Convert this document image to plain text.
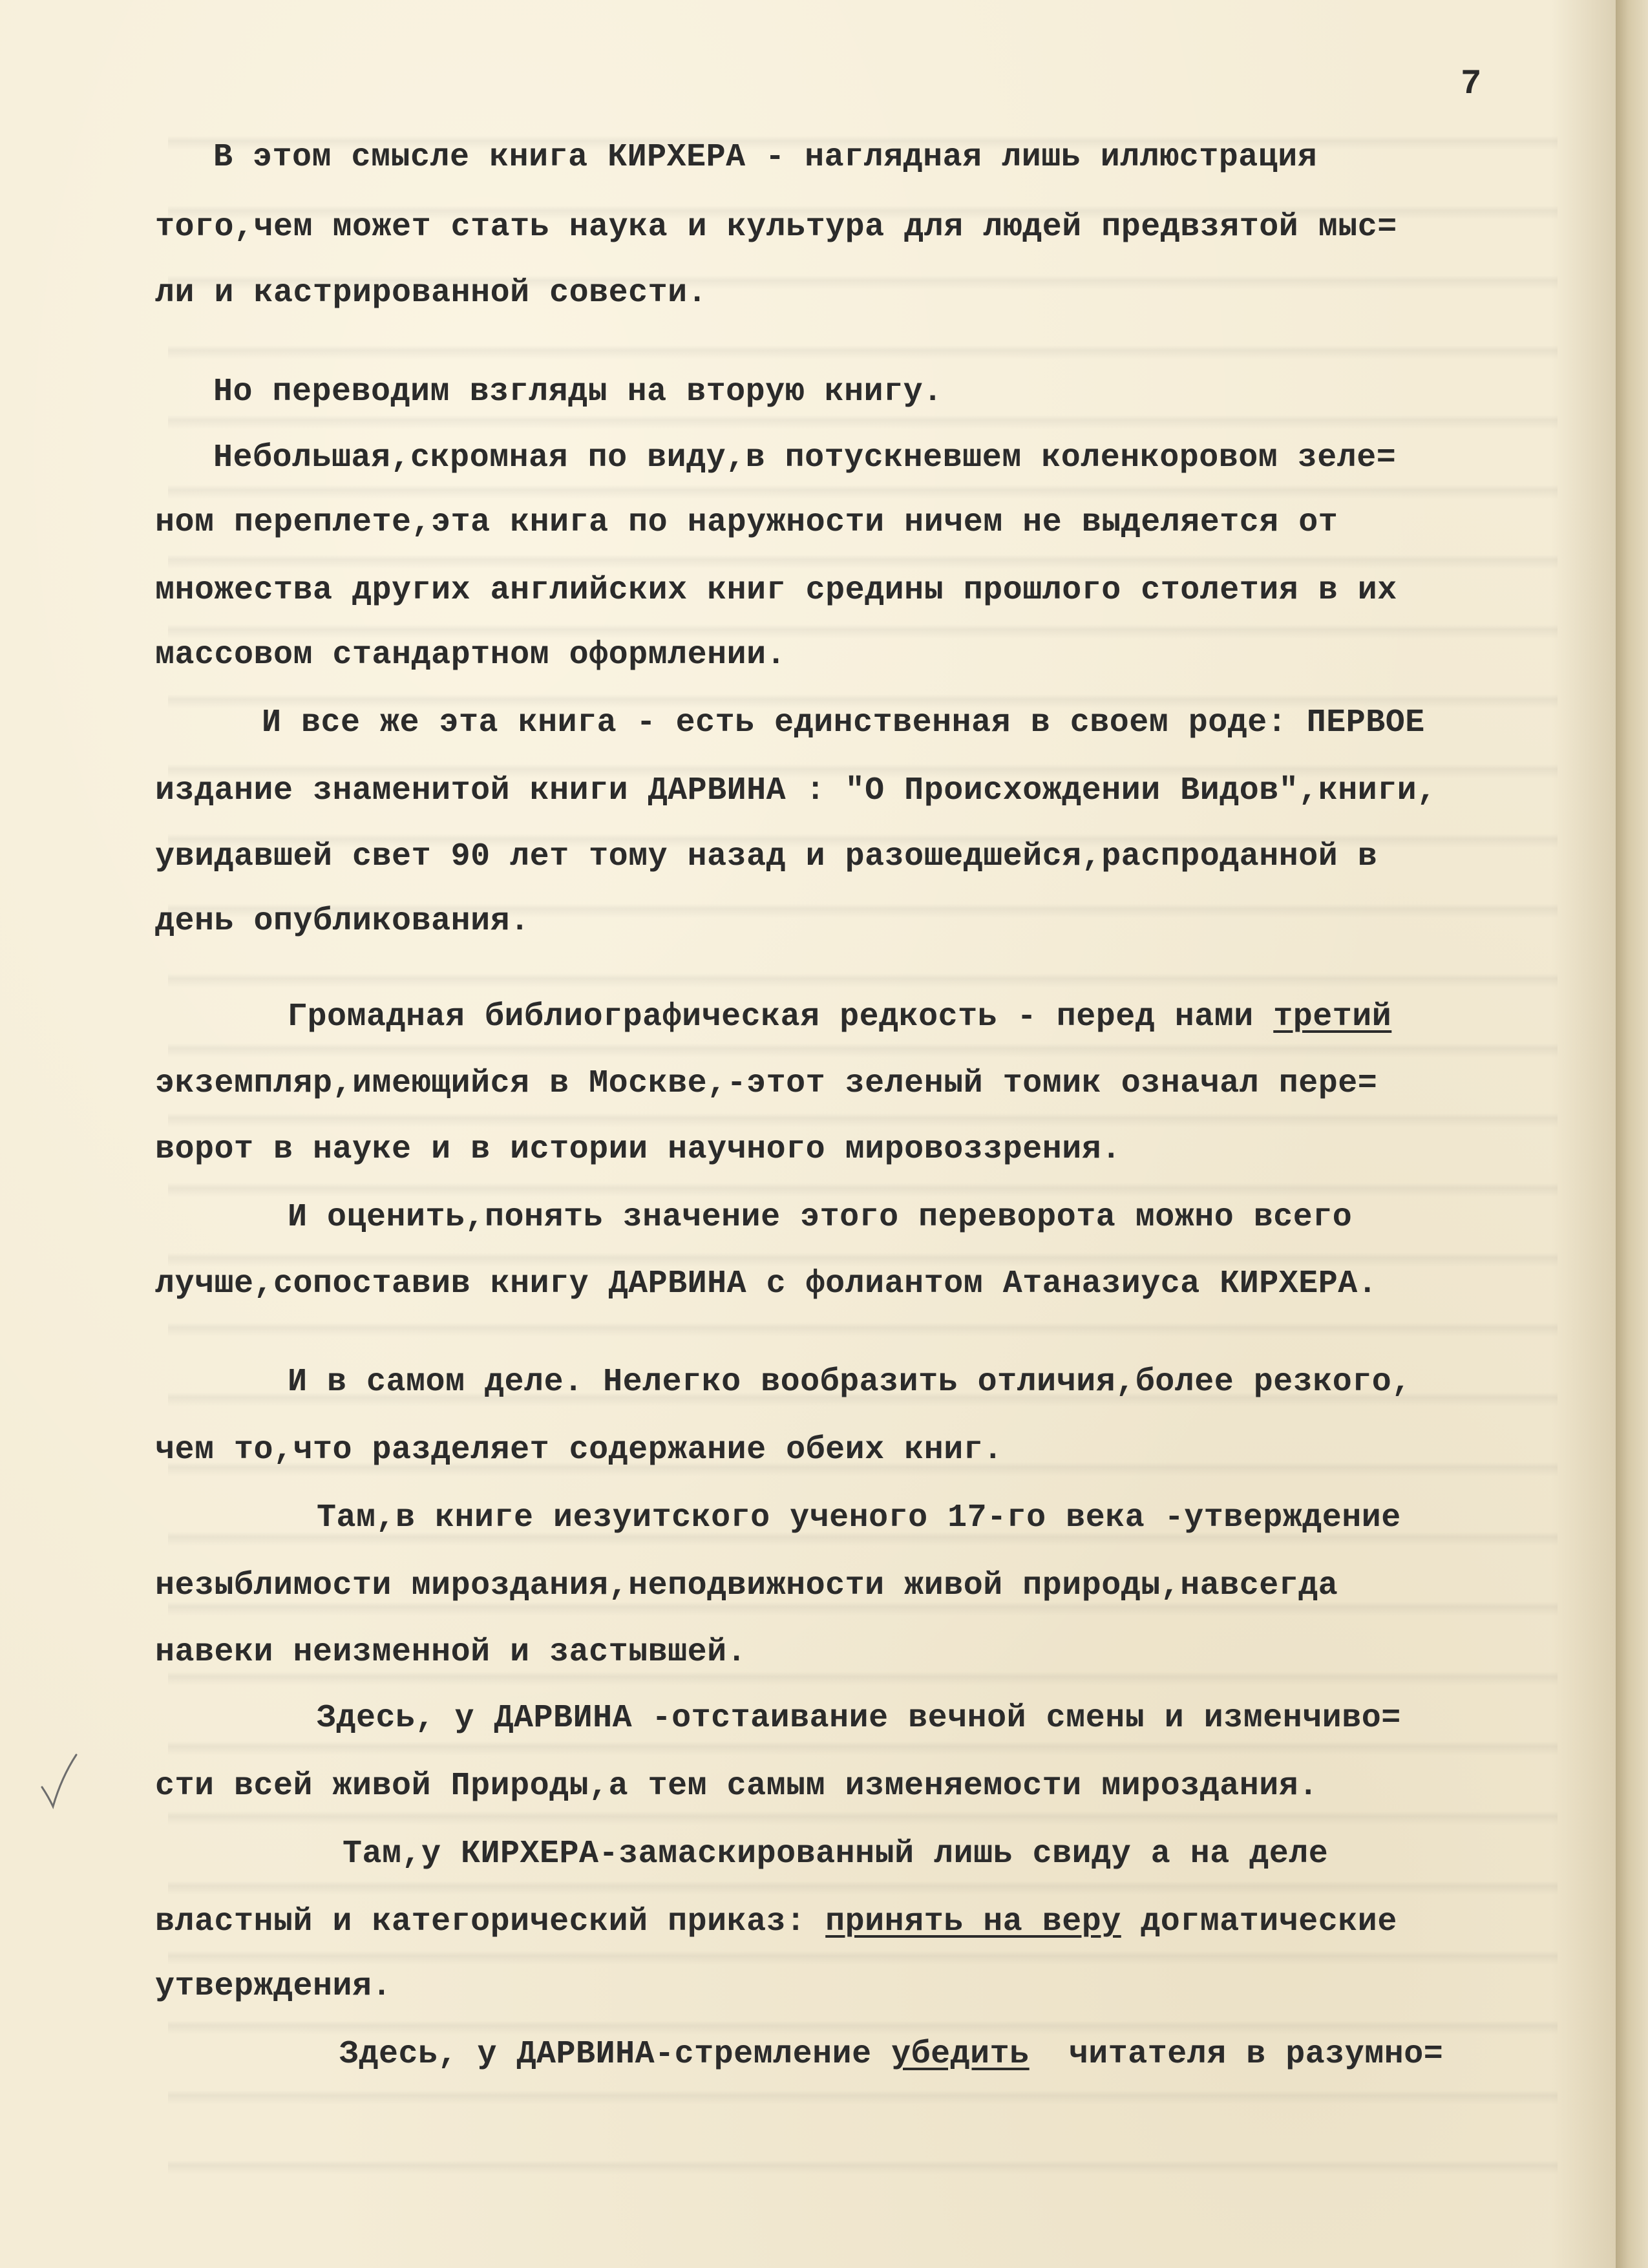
7
В этом смысле книга КИРХЕРА - наглядная лишь иллюстрация
того,чем может стать наука и культура для людей предвзятой мыс=
ли и кастрированной совести.
Но переводим взгляды на вторую книгу.
Небольшая,скромная по виду,в потускневшем коленкоровом зеле=
ном переплете,эта книга по наружности ничем не выделяется от
множества других английских книг средины прошлого столетия в их
массовом стандартном оформлении.
И все же эта книга - есть единственная в своем роде: ПЕРВОЕ
издание знаменитой книги ДАРВИНА : "О Происхождении Видов",книги,
увидавшей свет 90 лет тому назад и разошедшейся,распроданной в
день опубликования.
Громадная библиографическая редкость - перед нами третий
экземпляр,имеющийся в Москве,-этот зеленый томик означал пере=
ворот в науке и в истории научного мировоззрения.
И оценить,понять значение этого переворота можно всего
лучше,сопоставив книгу ДАРВИНА с фолиантом Атаназиуса КИРХЕРА.
И в самом деле. Нелегко вообразить отличия,более резкого,
чем то,что разделяет содержание обеих книг.
Там,в книге иезуитского ученого 17-го века -утверждение
незыблимости мироздания,неподвижности живой природы,навсегда
навеки неизменной и застывшей.
Здесь, у ДАРВИНА -отстаивание вечной смены и изменчиво=
сти всей живой Природы,а тем самым изменяемости мироздания.
Там,у КИРХЕРА-замаскированный лишь свиду а на деле
властный и категорический приказ: принять на веру догматические
утверждения.
Здесь, у ДАРВИНА-стремление убедить  читателя в разумно=
